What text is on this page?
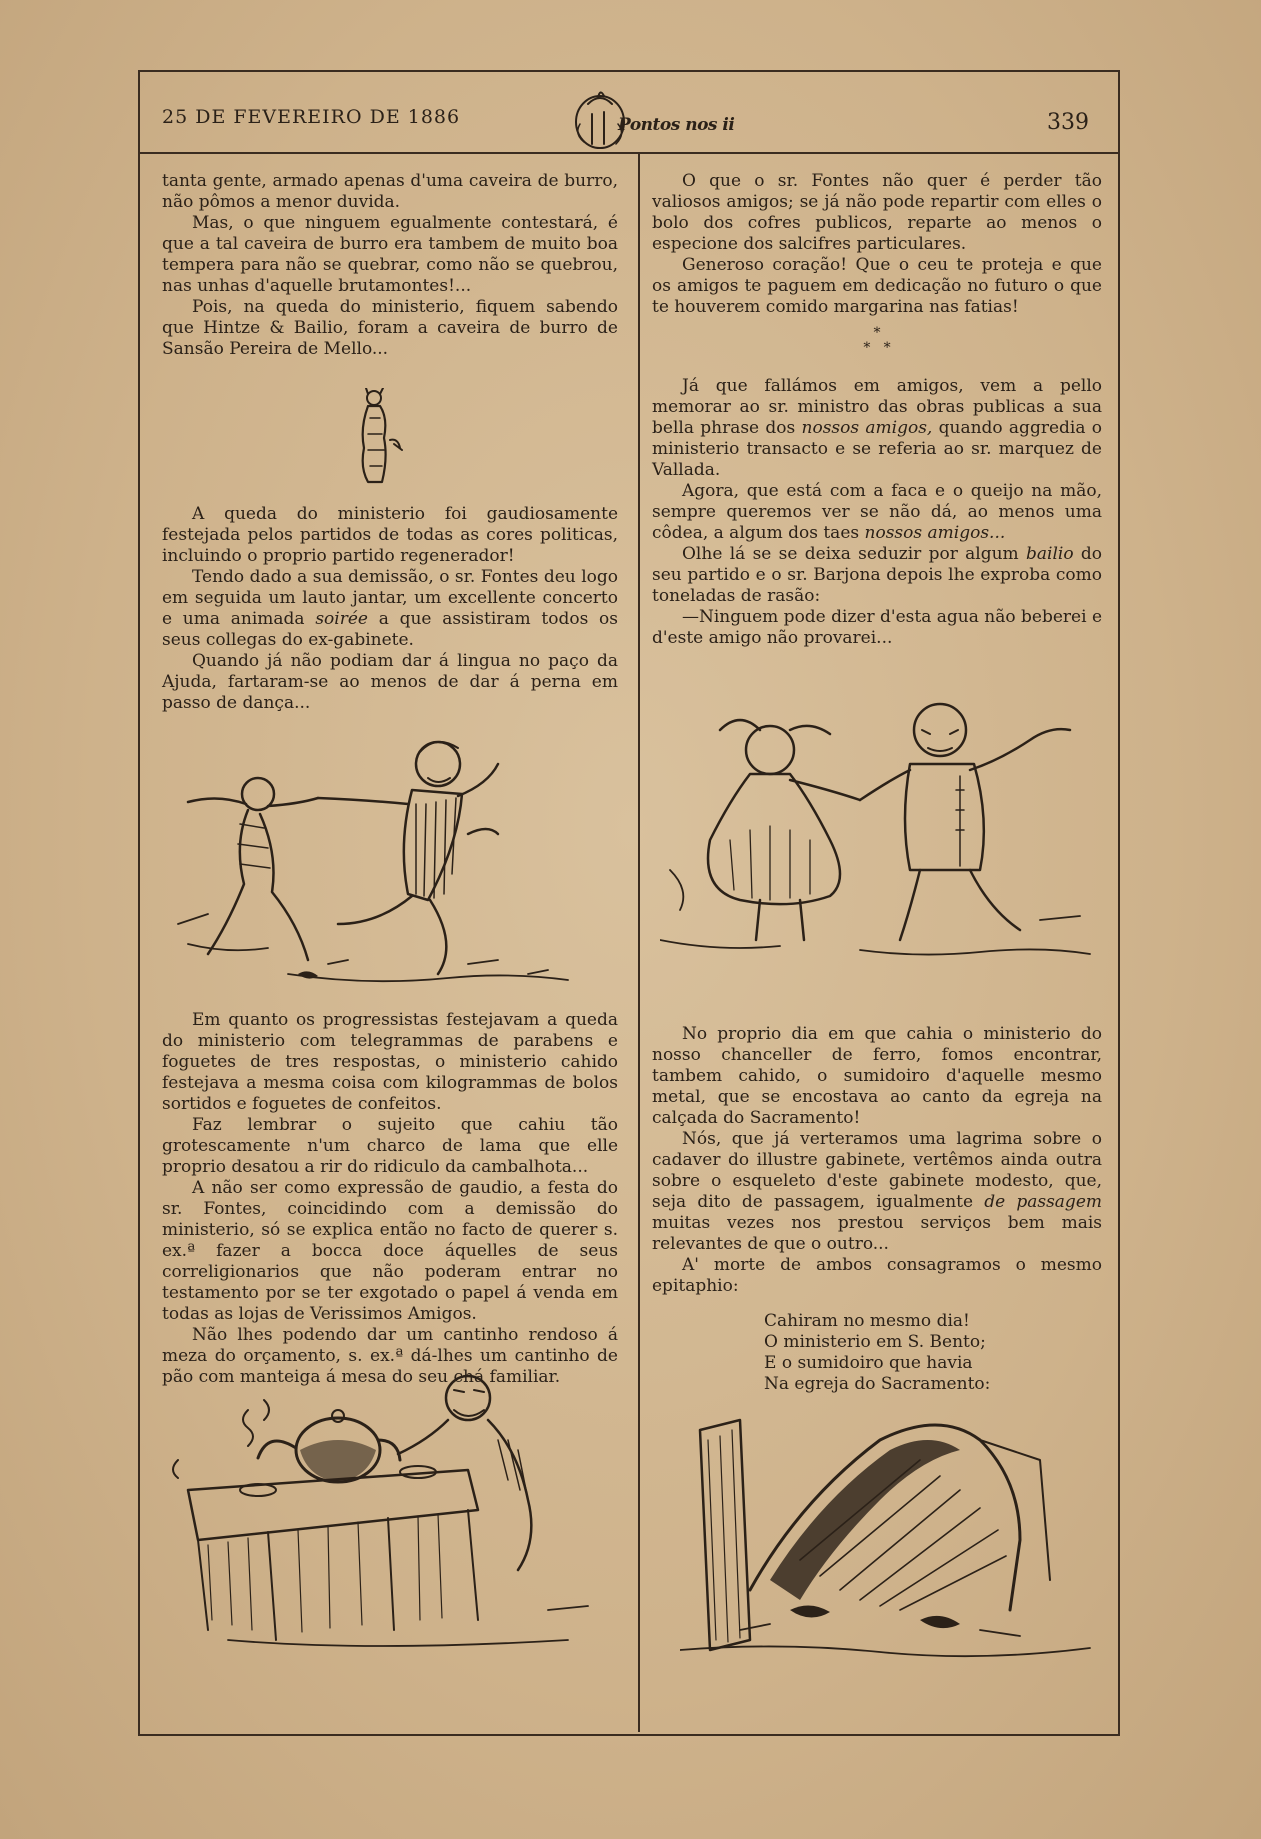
25 DE FEVEREIRO DE 1886	Pontos nos ii	339

tanta gente, armado apenas d'uma caveira de burro, não pômos a menor duvida.

Mas, o que ninguem egualmente contestará, é que a tal caveira de burro era tambem de muito boa tempera para não se quebrar, como não se quebrou, nas unhas d'aquelle brutamontes!...

Pois, na queda do ministerio, fiquem sabendo que Hintze & Bailio, foram a caveira de burro de Sansão Pereira de Mello...

A queda do ministerio foi gaudiosamente festejada pelos partidos de todas as cores politicas, incluindo o proprio partido regenerador!

Tendo dado a sua demissão, o sr. Fontes deu logo em seguida um lauto jantar, um excellente concerto e uma animada soirée a que assistiram todos os seus collegas do ex-gabinete.

Quando já não podiam dar á lingua no paço da Ajuda, fartaram-se ao menos de dar á perna em passo de dança...

Em quanto os progressistas festejavam a queda do ministerio com telegrammas de parabens e foguetes de tres respostas, o ministerio cahido festejava a mesma coisa com kilogrammas de bolos sortidos e foguetes de confeitos.

Faz lembrar o sujeito que cahiu tão grotescamente n'um charco de lama que elle proprio desatou a rir do ridiculo da cambalhota...

A não ser como expressão de gaudio, a festa do sr. Fontes, coincidindo com a demissão do ministerio, só se explica então no facto de querer s. ex.ª fazer a bocca doce áquelles de seus correligionarios que não poderam entrar no testamento por se ter exgotado o papel á venda em todas as lojas de Verissimos Amigos.

Não lhes podendo dar um cantinho rendoso á meza do orçamento, s. ex.ª dá-lhes um cantinho de pão com manteiga á mesa do seu chá familiar.

O que o sr. Fontes não quer é perder tão valiosos amigos; se já não pode repartir com elles o bolo dos cofres publicos, reparte ao menos o especione dos salcifres particulares.

Generoso coração! Que o ceu te proteja e que os amigos te paguem em dedicação no futuro o que te houverem comido margarina nas fatias!

*
*   *

Já que fallámos em amigos, vem a pello memorar ao sr. ministro das obras publicas a sua bella phrase dos nossos amigos, quando aggredia o ministerio transacto e se referia ao sr. marquez de Vallada.

Agora, que está com a faca e o queijo na mão, sempre queremos ver se não dá, ao menos uma côdea, a algum dos taes nossos amigos...

Olhe lá se se deixa seduzir por algum bailio do seu partido e o sr. Barjona depois lhe exproba como toneladas de rasão:

—Ninguem pode dizer d'esta agua não beberei e d'este amigo não provarei...

No proprio dia em que cahia o ministerio do nosso chanceller de ferro, fomos encontrar, tambem cahido, o sumidoiro d'aquelle mesmo metal, que se encostava ao canto da egreja na calçada do Sacramento!

Nós, que já verteramos uma lagrima sobre o cadaver do illustre gabinete, vertêmos ainda outra sobre o esqueleto d'este gabinete modesto, que, seja dito de passagem, igualmente de passagem muitas vezes nos prestou serviços bem mais relevantes de que o outro...

A' morte de ambos consagramos o mesmo epitaphio:

Cahiram no mesmo dia!

O ministerio em S. Bento;

E o sumidoiro que havia

Na egreja do Sacramento:
